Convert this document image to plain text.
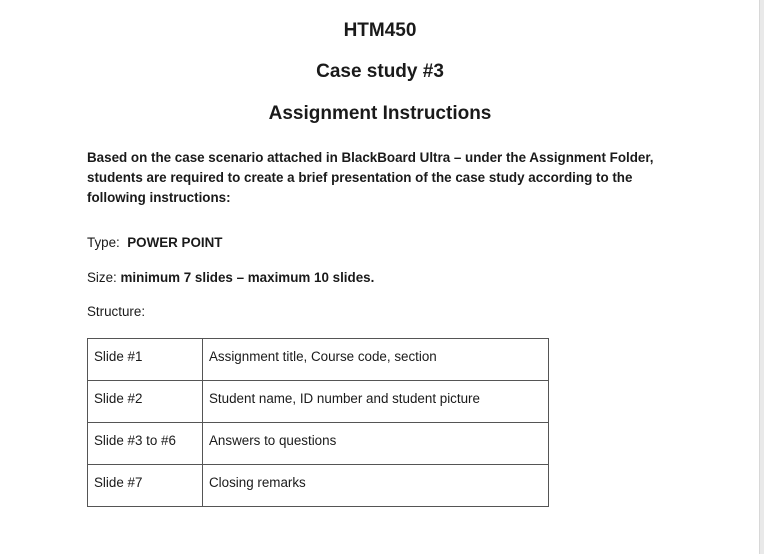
HTM450
Case study #3
Assignment Instructions
Based on the case scenario attached in BlackBoard Ultra – under the Assignment Folder, students are required to create a brief presentation of the case study according to the following instructions:
Type: POWER POINT
Size: minimum 7 slides – maximum 10 slides.
Structure:
Slide #1	Assignment title, Course code, section
Slide #2	Student name, ID number and student picture
Slide #3 to #6	Answers to questions
Slide #7	Closing remarks
